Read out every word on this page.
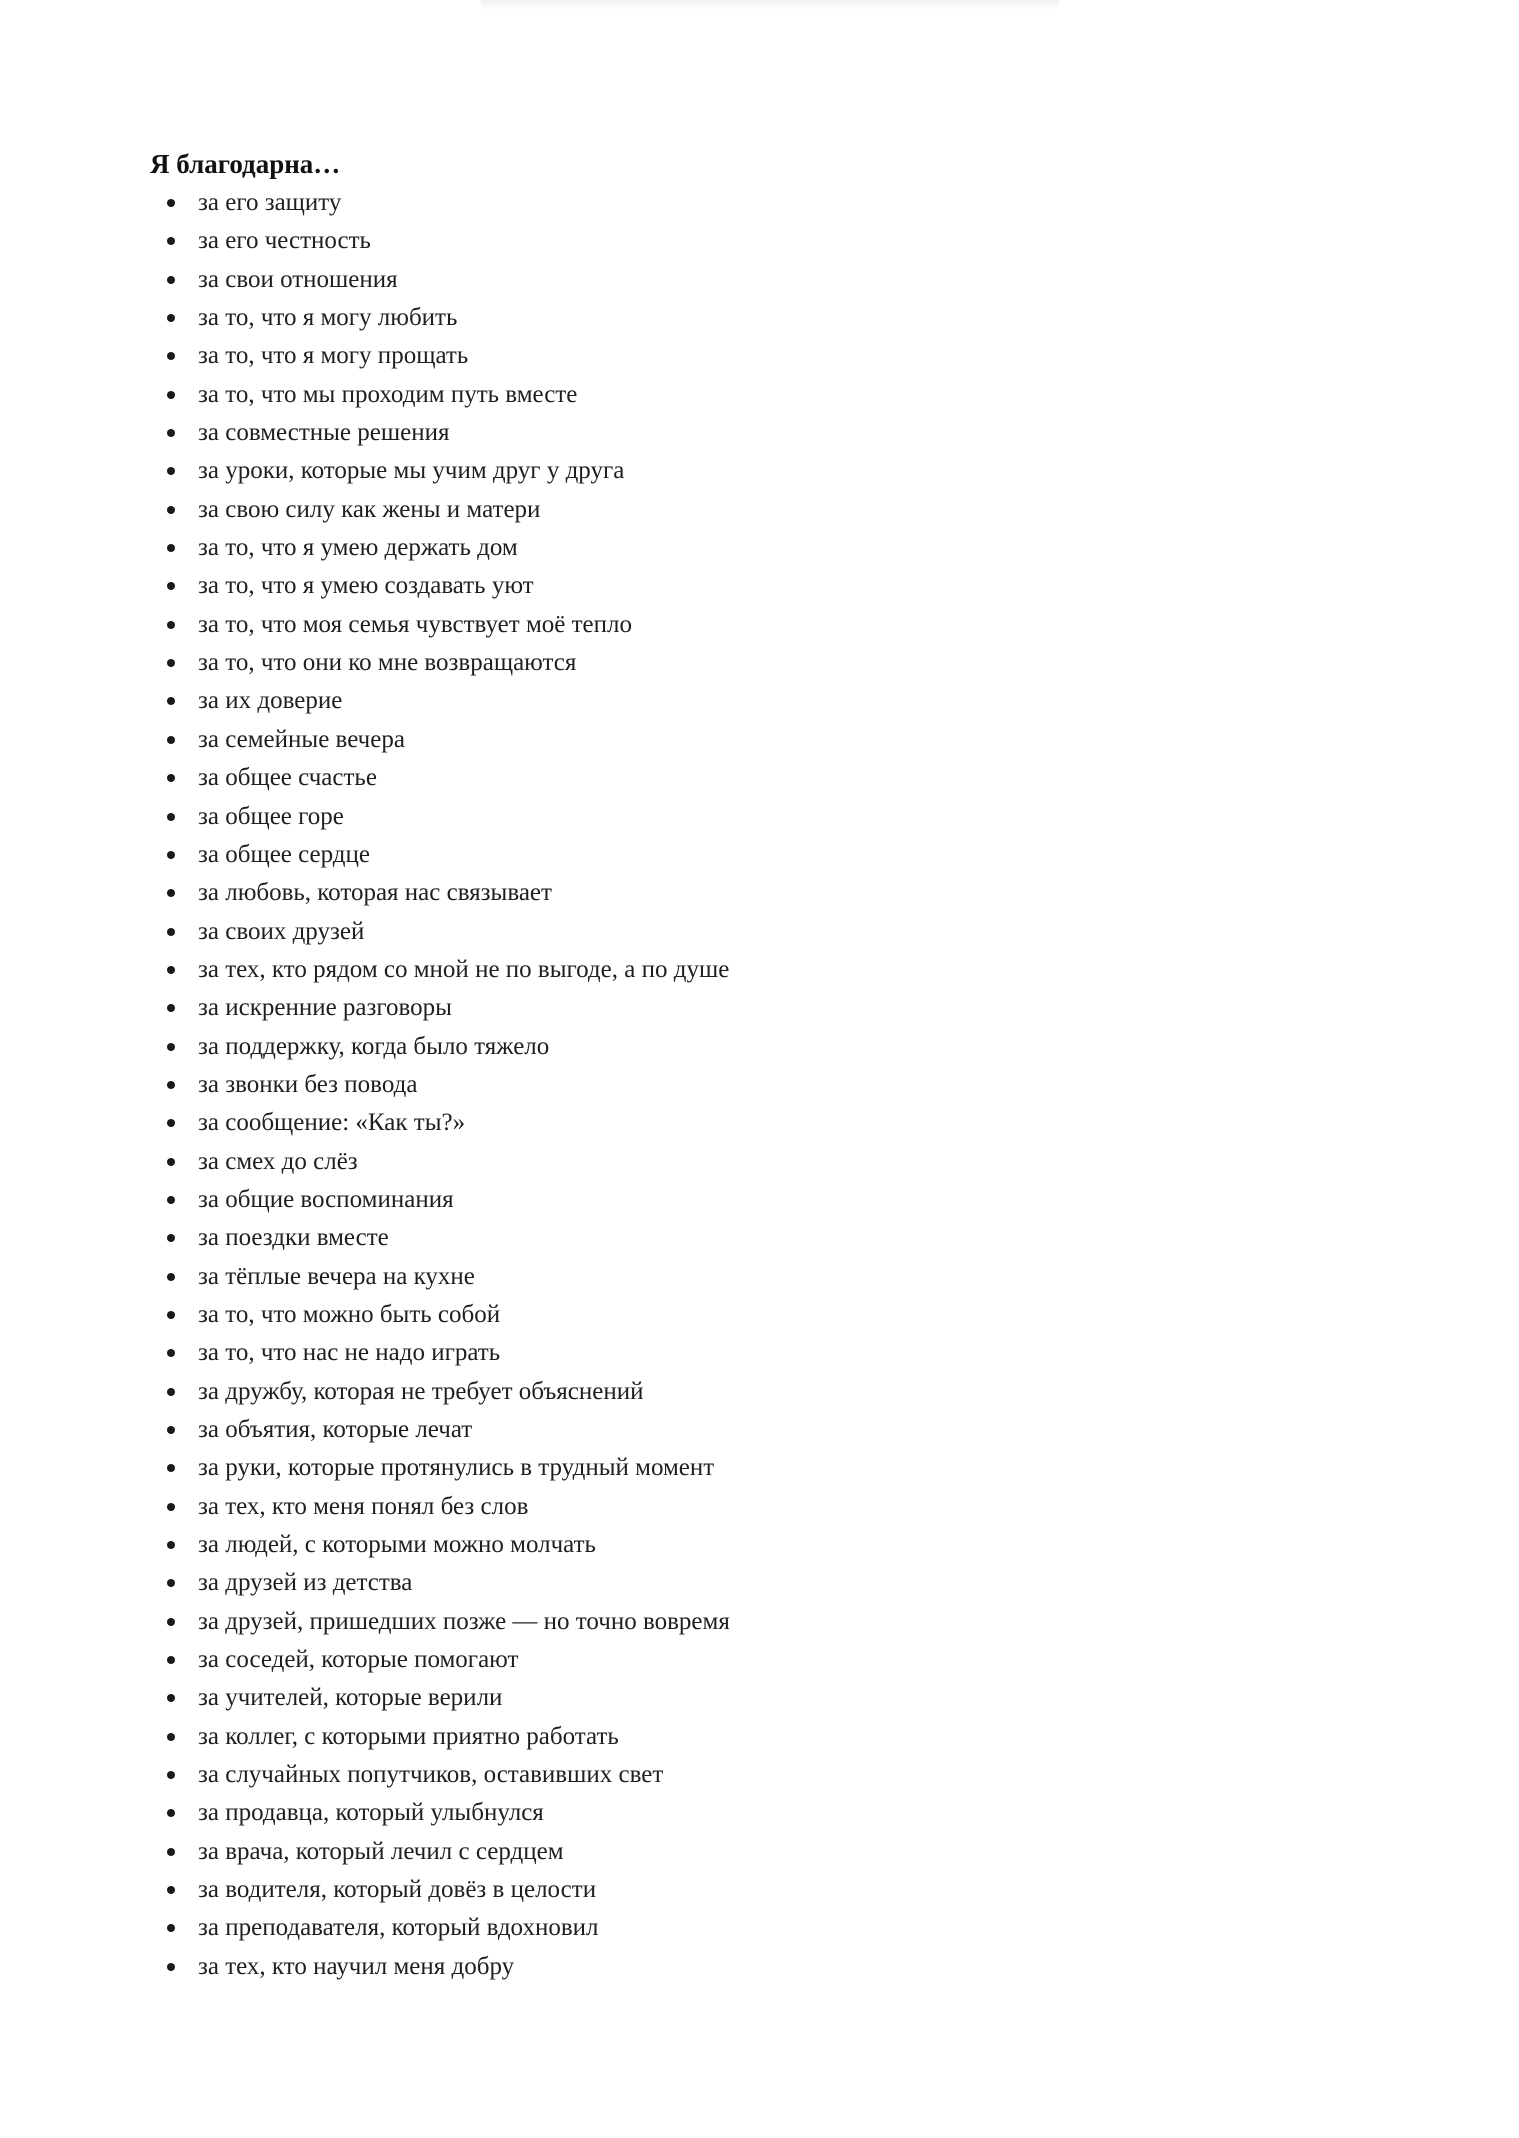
Я благодарна…
за его защиту
за его честность
за свои отношения
за то, что я могу любить
за то, что я могу прощать
за то, что мы проходим путь вместе
за совместные решения
за уроки, которые мы учим друг у друга
за свою силу как жены и матери
за то, что я умею держать дом
за то, что я умею создавать уют
за то, что моя семья чувствует моё тепло
за то, что они ко мне возвращаются
за их доверие
за семейные вечера
за общее счастье
за общее горе
за общее сердце
за любовь, которая нас связывает
за своих друзей
за тех, кто рядом со мной не по выгоде, а по душе
за искренние разговоры
за поддержку, когда было тяжело
за звонки без повода
за сообщение: «Как ты?»
за смех до слёз
за общие воспоминания
за поездки вместе
за тёплые вечера на кухне
за то, что можно быть собой
за то, что нас не надо играть
за дружбу, которая не требует объяснений
за объятия, которые лечат
за руки, которые протянулись в трудный момент
за тех, кто меня понял без слов
за людей, с которыми можно молчать
за друзей из детства
за друзей, пришедших позже — но точно вовремя
за соседей, которые помогают
за учителей, которые верили
за коллег, с которыми приятно работать
за случайных попутчиков, оставивших свет
за продавца, который улыбнулся
за врача, который лечил с сердцем
за водителя, который довёз в целости
за преподавателя, который вдохновил
за тех, кто научил меня добру
